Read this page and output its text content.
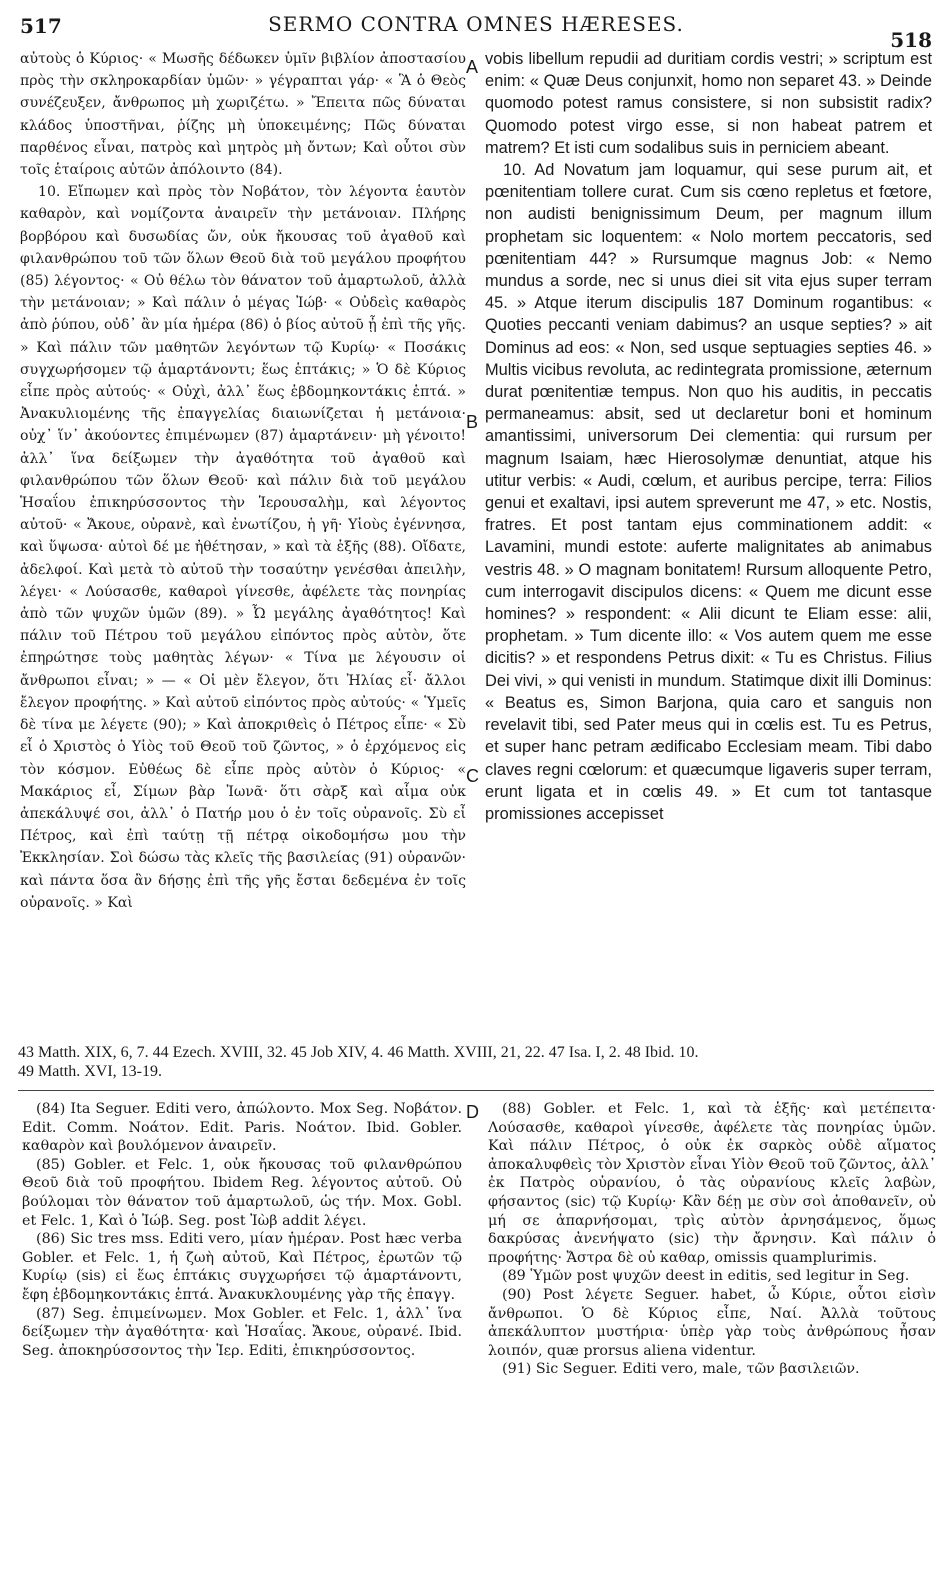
517	SERMO CONTRA OMNES HÆRESES.
518

αὐτοὺς ὁ Κύριος· « Μωσῆς δέδωκεν ὑμῖν βιβλίον ἀποστασίου πρὸς τὴν σκληροκαρδίαν ὑμῶν· » γέγραπται γάρ· « Ἃ ὁ Θεὸς συνέζευξεν, ἄνθρωπος μὴ χωριζέτω. » Ἔπειτα πῶς δύναται κλάδος ὑποστῆναι, ῥίζης μὴ ὑποκειμένης; Πῶς δύναται παρθένος εἶναι, πατρὸς καὶ μητρὸς μὴ ὄντων; Καὶ οὗτοι σὺν τοῖς ἑταίροις αὐτῶν ἀπόλοιντο (84).

10. Εἴπωμεν καὶ πρὸς τὸν Νοβάτον, τὸν λέγοντα ἑαυτὸν καθαρὸν, καὶ νομίζοντα ἀναιρεῖν τὴν μετάνοιαν. Πλήρης βορβόρου καὶ δυσωδίας ὤν, οὐκ ἤκουσας τοῦ ἀγαθοῦ καὶ φιλανθρώπου τοῦ τῶν ὅλων Θεοῦ διὰ τοῦ μεγάλου προφήτου (85) λέγοντος· « Οὐ θέλω τὸν θάνατον τοῦ ἁμαρτωλοῦ, ἀλλὰ τὴν μετάνοιαν; » Καὶ πάλιν ὁ μέγας Ἰώβ· « Οὐδεὶς καθαρὸς ἀπὸ ῥύπου, οὐδ᾽ ἂν μία ἡμέρα (86) ὁ βίος αὐτοῦ ᾖ ἐπὶ τῆς γῆς. » Καὶ πάλιν τῶν μαθητῶν λεγόντων τῷ Κυρίῳ· « Ποσάκις συγχωρήσομεν τῷ ἁμαρτάνοντι; ἕως ἑπτάκις; » Ὁ δὲ Κύριος εἶπε πρὸς αὐτούς· « Οὐχὶ, ἀλλ᾽ ἕως ἑβδομηκοντάκις ἑπτά. » Ἀνακυλιομένης τῆς ἐπαγγελίας διαιωνίζεται ἡ μετάνοια· οὐχ᾽ ἵν᾽ ἀκούοντες ἐπιμένωμεν (87) ἁμαρτάνειν· μὴ γένοιτο! ἀλλ᾽ ἵνα δείξωμεν τὴν ἀγαθότητα τοῦ ἀγαθοῦ καὶ φιλανθρώπου τῶν ὅλων Θεοῦ· καὶ πάλιν διὰ τοῦ μεγάλου Ἡσαΐου ἐπικηρύσσοντος τὴν Ἱερουσαλὴμ, καὶ λέγοντος αὐτοῦ· « Ἄκουε, οὐρανὲ, καὶ ἐνωτίζου, ἡ γῆ· Υἱοὺς ἐγέννησα, καὶ ὕψωσα· αὐτοὶ δέ με ἠθέτησαν, » καὶ τὰ ἑξῆς (88). Οἴδατε, ἀδελφοί. Καὶ μετὰ τὸ αὐτοῦ τὴν τοσαύτην γενέσθαι ἀπειλὴν, λέγει· « Λούσασθε, καθαροὶ γίνεσθε, ἀφέλετε τὰς πονηρίας ἀπὸ τῶν ψυχῶν ὑμῶν (89). » Ὦ μεγάλης ἀγαθότητος! Καὶ πάλιν τοῦ Πέτρου τοῦ μεγάλου εἰπόντος πρὸς αὐτὸν, ὅτε ἐπηρώτησε τοὺς μαθητὰς λέγων· « Τίνα με λέγουσιν οἱ ἄνθρωποι εἶναι; » — « Οἱ μὲν ἔλεγον, ὅτι Ἠλίας εἶ· ἄλλοι ἔλεγον προφήτης. » Καὶ αὐτοῦ εἰπόντος πρὸς αὐτούς· « Ὑμεῖς δὲ τίνα με λέγετε (90); » Καὶ ἀποκριθεὶς ὁ Πέτρος εἶπε· « Σὺ εἶ ὁ Χριστὸς ὁ Υἱὸς τοῦ Θεοῦ τοῦ ζῶντος, » ὁ ἐρχόμενος εἰς τὸν κόσμον. Εὐθέως δὲ εἶπε πρὸς αὐτὸν ὁ Κύριος· « Μακάριος εἶ, Σίμων βὰρ Ἰωνᾶ· ὅτι σὰρξ καὶ αἷμα οὐκ ἀπεκάλυψέ σοι, ἀλλ᾽ ὁ Πατήρ μου ὁ ἐν τοῖς οὐρανοῖς. Σὺ εἶ Πέτρος, καὶ ἐπὶ ταύτῃ τῇ πέτρᾳ οἰκοδομήσω μου τὴν Ἐκκλησίαν. Σοὶ δώσω τὰς κλεῖς τῆς βασιλείας (91) οὐρανῶν· καὶ πάντα ὅσα ἂν δήσῃς ἐπὶ τῆς γῆς ἔσται δεδεμένα ἐν τοῖς οὐρανοῖς. » Καὶ

A
B
C
D

vobis libellum repudii ad duritiam cordis vestri; » scriptum est enim: « Quæ Deus conjunxit, homo non separet 43. » Deinde quomodo potest ramus consistere, si non subsistit radix? Quomodo potest virgo esse, si non habeat patrem et matrem? Et isti cum sodalibus suis in perniciem abeant.

10. Ad Novatum jam loquamur, qui sese purum ait, et pœnitentiam tollere curat. Cum sis cœno repletus et fœtore, non audisti benignissimum Deum, per magnum illum prophetam sic loquentem: « Nolo mortem peccatoris, sed pœnitentiam 44? » Rursumque magnus Job: « Nemo mundus a sorde, nec si unus diei sit vita ejus super terram 45. » Atque iterum discipulis 187 Dominum rogantibus: « Quoties peccanti veniam dabimus? an usque septies? » ait Dominus ad eos: « Non, sed usque septuagies septies 46. » Multis vicibus revoluta, ac redintegrata promissione, æternum durat pœnitentiæ tempus. Non quo his auditis, in peccatis permaneamus: absit, sed ut declaretur boni et hominum amantissimi, universorum Dei clementia: qui rursum per magnum Isaiam, hæc Hierosolymæ denuntiat, atque his utitur verbis: « Audi, cœlum, et auribus percipe, terra: Filios genui et exaltavi, ipsi autem spreverunt me 47, » etc. Nostis, fratres. Et post tantam ejus comminationem addit: « Lavamini, mundi estote: auferte malignitates ab animabus vestris 48. » O magnam bonitatem! Rursum alloquente Petro, cum interrogavit discipulos dicens: « Quem me dicunt esse homines? » respondent: « Alii dicunt te Eliam esse: alii, prophetam. » Tum dicente illo: « Vos autem quem me esse dicitis? » et respondens Petrus dixit: « Tu es Christus. Filius Dei vivi, » qui venisti in mundum. Statimque dixit illi Dominus: « Beatus es, Simon Barjona, quia caro et sanguis non revelavit tibi, sed Pater meus qui in cœlis est. Tu es Petrus, et super hanc petram ædificabo Ecclesiam meam. Tibi dabo claves regni cœlorum: et quæcumque ligaveris super terram, erunt ligata et in cœlis 49. » Et cum tot tantasque promissiones accepisset

43 Matth. XIX, 6, 7. 44 Ezech. XVIII, 32. 45 Job XIV, 4. 46 Matth. XVIII, 21, 22. 47 Isa. I, 2. 48 Ibid. 10.
49 Matth. XVI, 13-19.

(84) Ita Seguer. Editi vero, ἀπώλοντο. Mox Seg. Νοβάτον. Edit. Comm. Νοάτον. Edit. Paris. Νοάτον. Ibid. Gobler. καθαρὸν καὶ βουλόμενον ἀναιρεῖν.

(85) Gobler. et Felc. 1, οὐκ ἤκουσας τοῦ φιλανθρώπου Θεοῦ διὰ τοῦ προφήτου. Ibidem Reg. λέγοντος αὐτοῦ. Οὐ βούλομαι τὸν θάνατον τοῦ ἁμαρτωλοῦ, ὡς τήν. Mox. Gobl. et Felc. 1, Καὶ ὁ Ἰώβ. Seg. post Ἰὼβ addit λέγει.

(86) Sic tres mss. Editi vero, μίαν ἡμέραν. Post hæc verba Gobler. et Felc. 1, ἡ ζωὴ αὐτοῦ, Καὶ Πέτρος, ἐρωτῶν τῷ Κυρίῳ (sis) εἰ ἕως ἑπτάκις συγχωρήσει τῷ ἁμαρτάνοντι, ἔφη ἑβδομηκοντάκις ἑπτά. Ἀνακυκλουμένης γὰρ τῆς ἐπαγγ.

(87) Seg. ἐπιμείνωμεν. Mox Gobler. et Felc. 1, ἀλλ᾽ ἵνα δείξωμεν τὴν ἀγαθότητα· καὶ Ἡσαΐας. Ἄκουε, οὐρανέ. Ibid. Seg. ἀποκηρύσσοντος τὴν Ἱερ. Editi, ἐπικηρύσσοντος.

(88) Gobler. et Felc. 1, καὶ τὰ ἑξῆς· καὶ μετέπειτα· Λούσασθε, καθαροὶ γίνεσθε, ἀφέλετε τὰς πονηρίας ὑμῶν. Καὶ πάλιν Πέτρος, ὁ οὐκ ἐκ σαρκὸς οὐδὲ αἵματος ἀποκαλυφθεὶς τὸν Χριστὸν εἶναι Υἱὸν Θεοῦ τοῦ ζῶντος, ἀλλ᾽ ἐκ Πατρὸς οὐρανίου, ὁ τὰς οὐρανίους κλεῖς λαβὼν, φήσαντος (sic) τῷ Κυρίῳ· Κἂν δέῃ με σὺν σοὶ ἀποθανεῖν, οὐ μή σε ἀπαρνήσομαι, τρὶς αὐτὸν ἀρνησάμενος, ὅμως δακρύσας ἀνενήψατο (sic) τὴν ἄρνησιν. Καὶ πάλιν ὁ προφήτης· Ἄστρα δὲ οὐ καθαρ, omissis quamplurimis.

(89 Ὑμῶν post ψυχῶν deest in editis, sed legitur in Seg.

(90) Post λέγετε Seguer. habet, ὦ Κύριε, οὗτοι εἰσὶν ἄνθρωποι. Ὁ δὲ Κύριος εἶπε, Ναί. Ἀλλὰ τοῦτους ἀπεκάλυπτον μυστήρια· ὑπὲρ γὰρ τοὺς ἀνθρώπους ἦσαν λοιπόν, quæ prorsus aliena videntur.

(91) Sic Seguer. Editi vero, male, τῶν βασιλειῶν.
